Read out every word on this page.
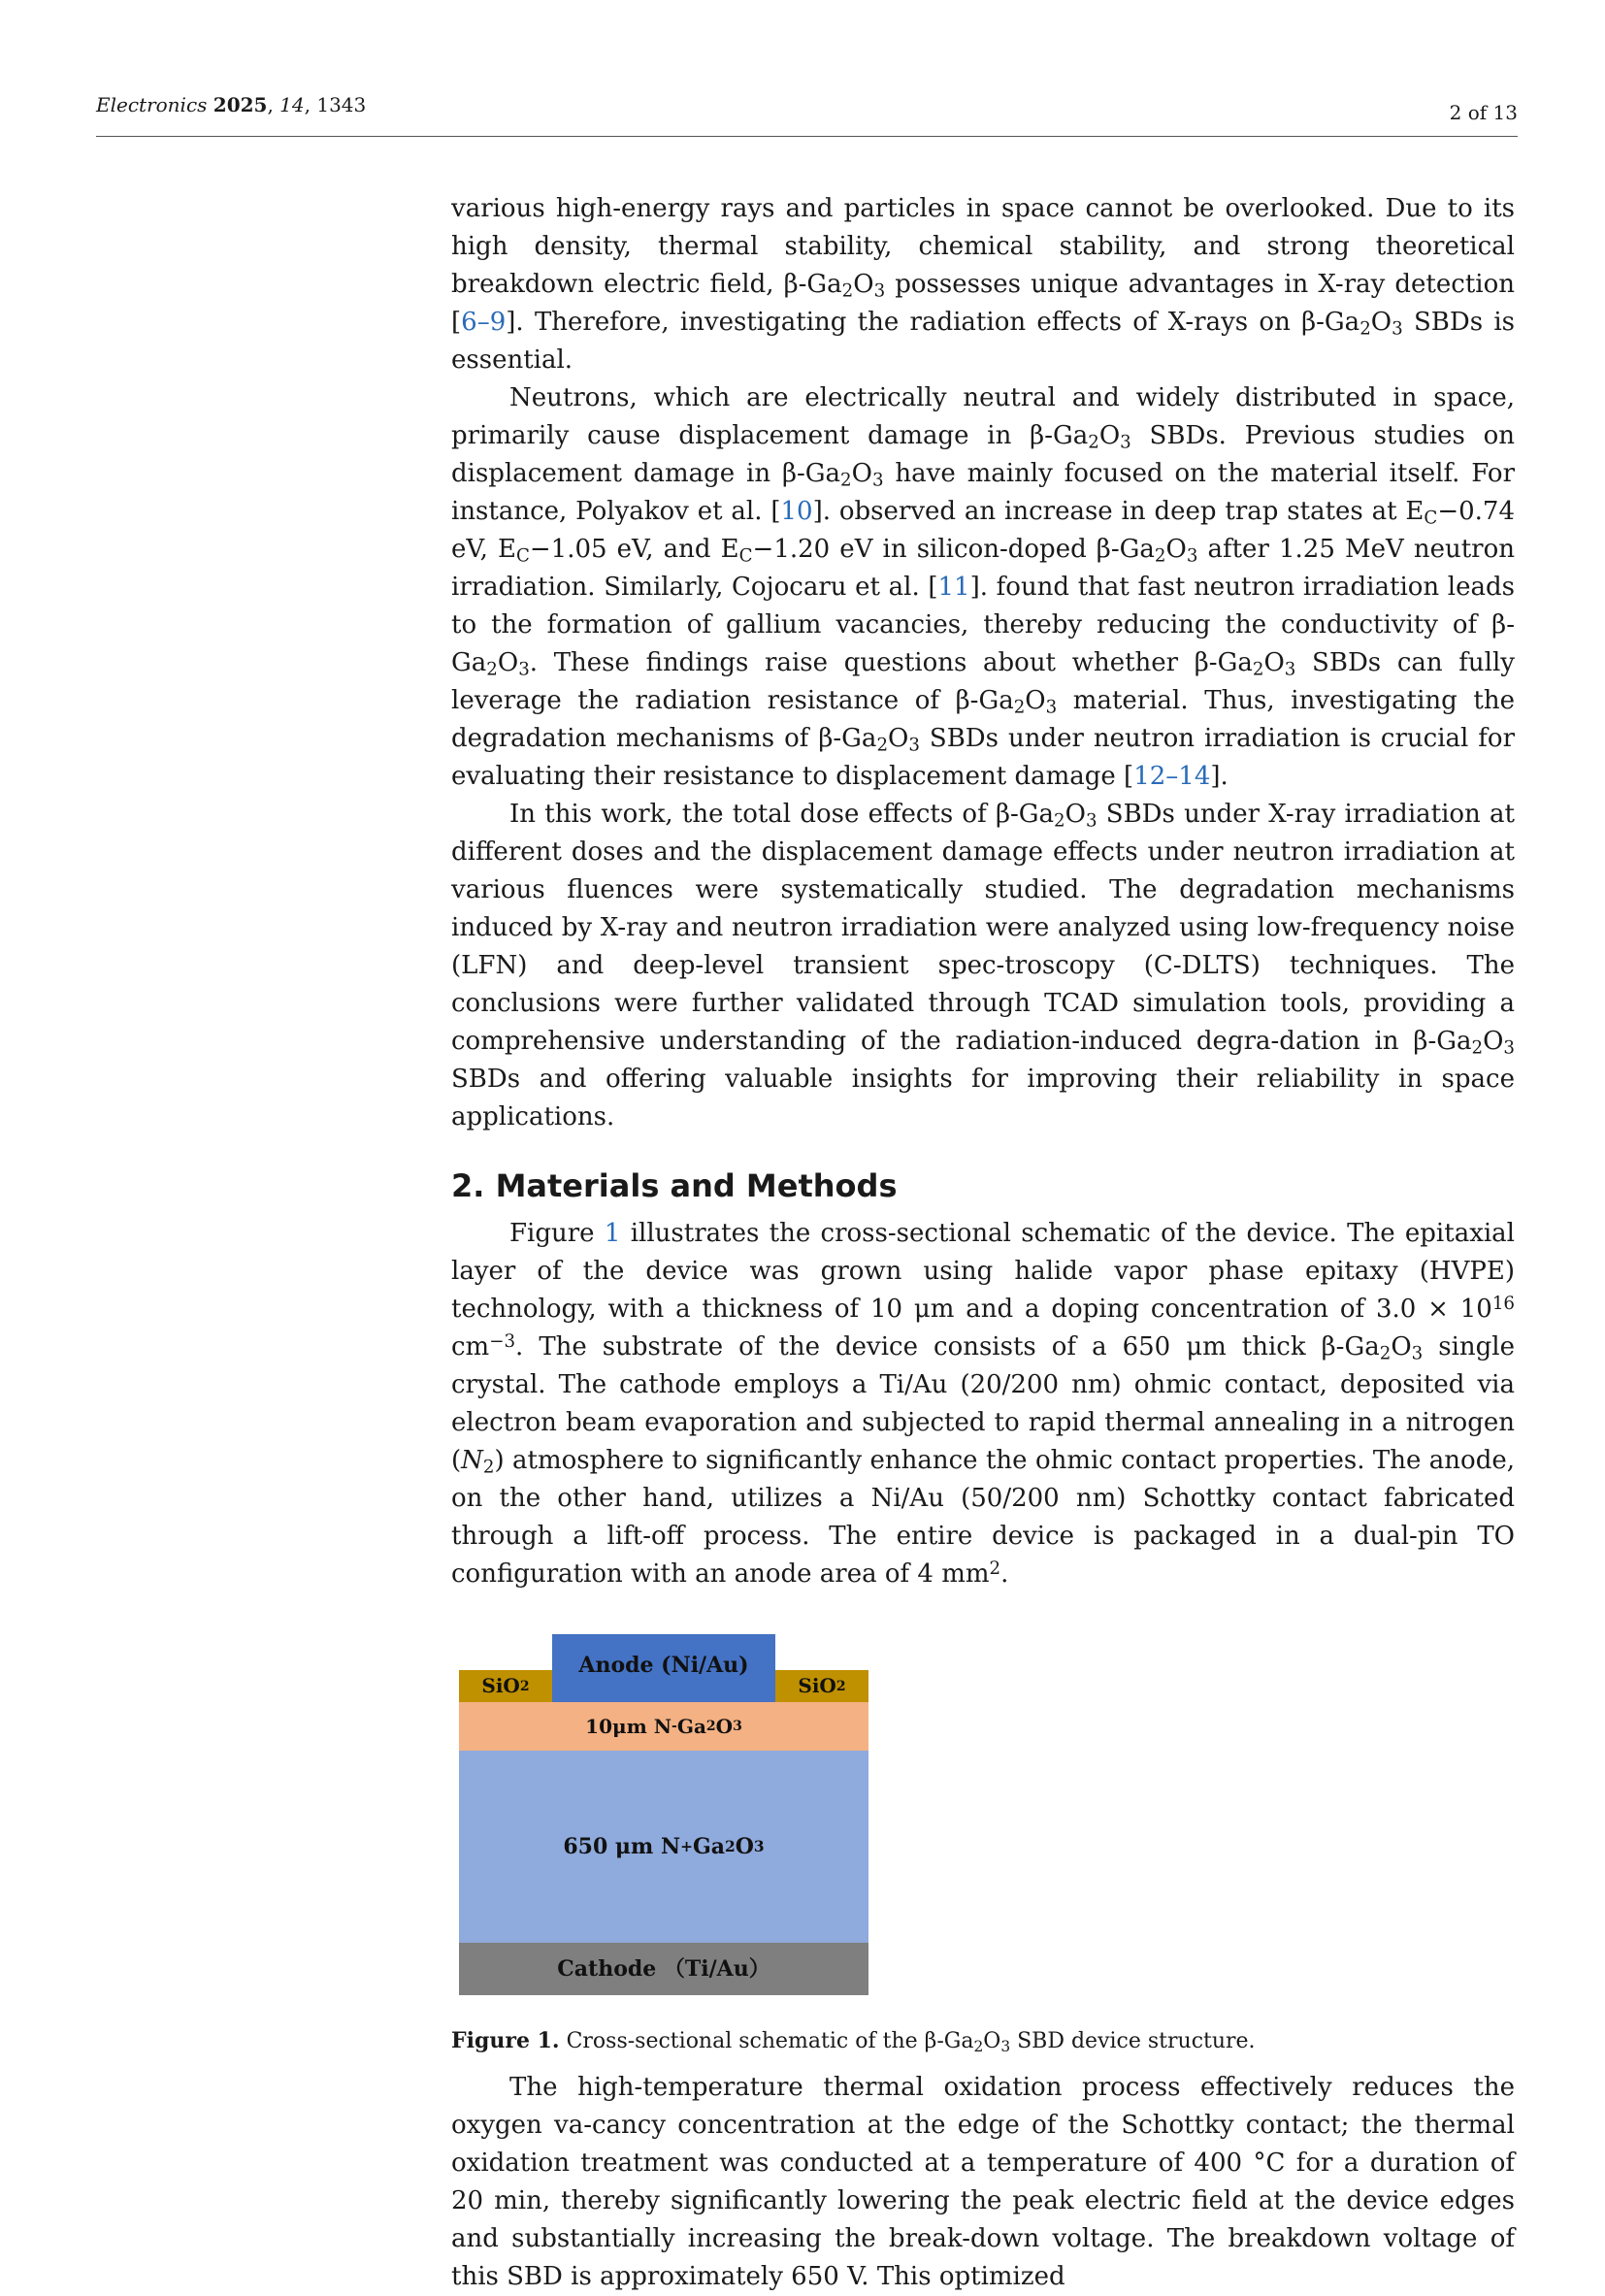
Electronics 2025, 14, 1343	2 of 13

various high-energy rays and particles in space cannot be overlooked. Due to its high density, thermal stability, chemical stability, and strong theoretical breakdown electric field, $\beta-Ga_2O_3$ possesses unique advantages in X-ray detection [6–9]. Therefore, investigating the radiation effects of X-rays on $\beta-Ga_2O_3$ SBDs is essential.

Neutrons, which are electrically neutral and widely distributed in space, primarily cause displacement damage in $\beta-Ga_2O_3$ SBDs. Previous studies on displacement damage in $\beta-Ga_2O_3$ have mainly focused on the material itself. For instance, Polyakov et al. [10]. observed an increase in deep trap states at $E_C-0.74$ eV, $E_C-1.05$ eV, and $E_C-1.20$ eV in silicon-doped $\beta-Ga_2O_3$ after 1.25 MeV neutron irradiation. Similarly, Cojocaru et al. [11]. found that fast neutron irradiation leads to the formation of gallium vacancies, thereby reducing the conductivity of $\beta-Ga_2O_3$. These findings raise questions about whether $\beta-Ga_2O_3$ SBDs can fully leverage the radiation resistance of $\beta-Ga_2O_3$ material. Thus, investigating the degradation mechanisms of $\beta-Ga_2O_3$ SBDs under neutron irradiation is crucial for evaluating their resistance to displacement damage [12–14].

In this work, the total dose effects of $\beta-Ga_2O_3$ SBDs under X-ray irradiation at different doses and the displacement damage effects under neutron irradiation at various fluences were systematically studied. The degradation mechanisms induced by X-ray and neutron irradiation were analyzed using low-frequency noise (LFN) and deep-level transient spec-troscopy (C-DLTS) techniques. The conclusions were further validated through TCAD simulation tools, providing a comprehensive understanding of the radiation-induced degra-dation in $\beta-Ga_2O_3$ SBDs and offering valuable insights for improving their reliability in space applications.

2. Materials and Methods

Figure 1 illustrates the cross-sectional schematic of the device. The epitaxial layer of the device was grown using halide vapor phase epitaxy (HVPE) technology, with a thickness of 10 μm and a doping concentration of $3.0 \times 10^{16}$ $cm^{-3}$. The substrate of the device consists of a 650 μm thick $\beta-Ga_2O_3$ single crystal. The cathode employs a Ti/Au (20/200 nm) ohmic contact, deposited via electron beam evaporation and subjected to rapid thermal annealing in a nitrogen $(N_2)$ atmosphere to significantly enhance the ohmic contact properties. The anode, on the other hand, utilizes a Ni/Au (50/200 nm) Schottky contact fabricated through a lift-off process. The entire device is packaged in a dual-pin TO configuration with an anode area of 4 $mm^2$.

SiO 2	SiO 2
Anode (Ni/Au)
10μm N - Ga 2 O 3
650 μm N + Ga 2 O 3
Cathode （Ti/Au）
Figure 1. Cross-sectional schematic of the $\beta-Ga_2O_3$ SBD device structure.

The high-temperature thermal oxidation process effectively reduces the oxygen va-cancy concentration at the edge of the Schottky contact; the thermal oxidation treatment was conducted at a temperature of 400 °C for a duration of 20 min, thereby significantly lowering the peak electric field at the device edges and substantially increasing the break-down voltage. The breakdown voltage of this SBD is approximately 650 V. This optimized
